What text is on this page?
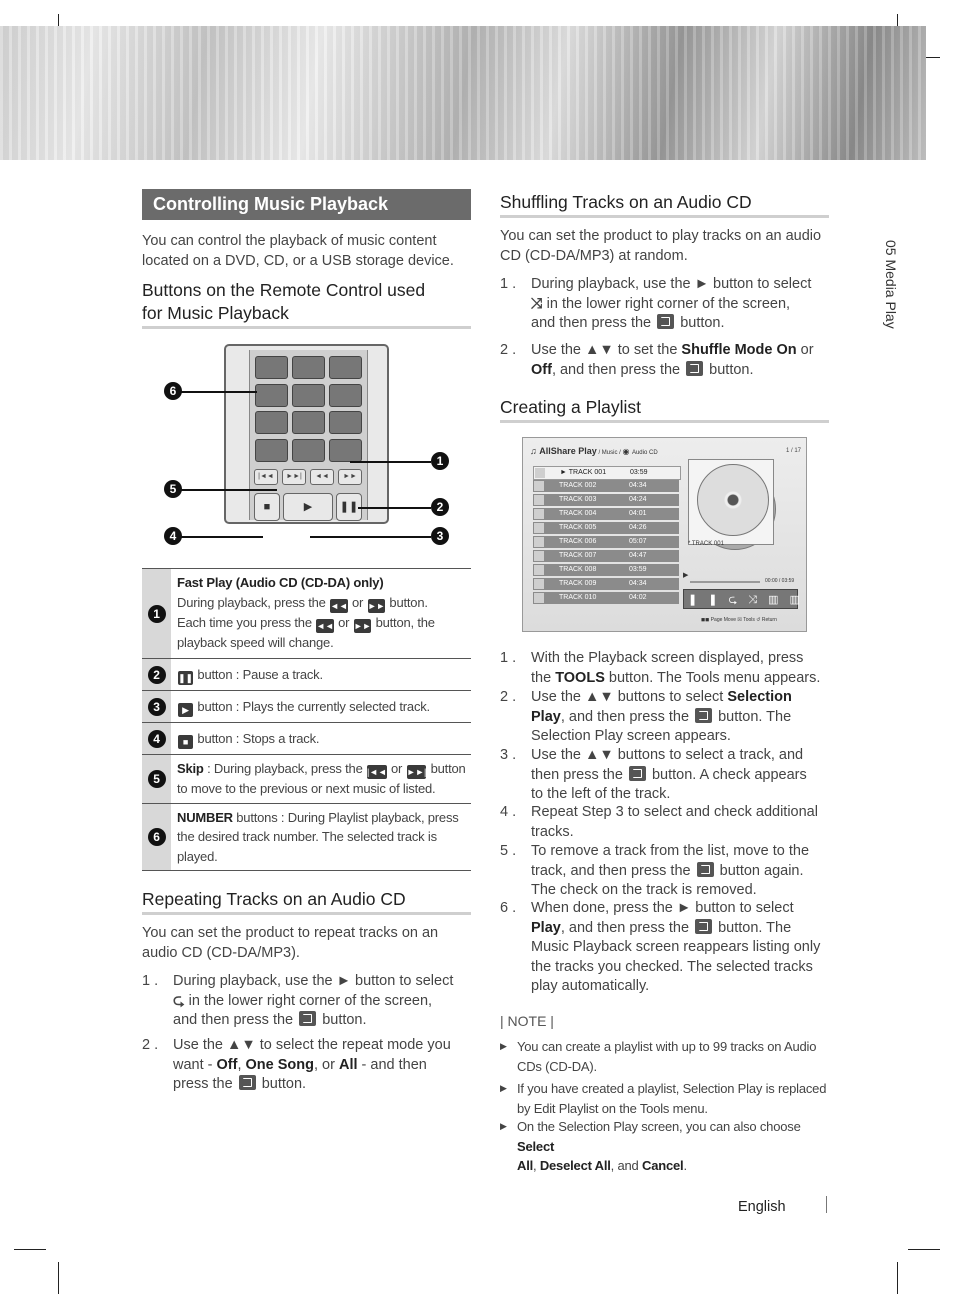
05 Media Play
Controlling Music Playback
You can control the playback of music content located on a DVD, CD, or a USB storage device.
Buttons on the Remote Control used
for Music Playback
|◄◄	►►|	◄◄	►►
■	▶	❚❚
6
5
4
1
2
3
1	Fast Play (Audio CD (CD-DA) only)
During playback, press the ◄◄ or ►► button.
Each time you press the ◄◄ or ►► button, the
playback speed will change.

2	❚❚ button : Pause a track.
3	▶ button : Plays the currently selected track.
4	■ button : Stops a track.
5	Skip : During playback, press the |◄◄ or ►►| button
to move to the previous or next music of listed.

6	NUMBER buttons : During Playlist playback, press
the desired track number. The selected track is
played.
Repeating Tracks on an Audio CD
You can set the product to repeat tracks on an audio CD (CD-DA/MP3).
1 . During playback, use the ► button to select
⮎ in the lower right corner of the screen,
and then press the button.
2 . Use the ▲▼ to select the repeat mode you
want - Off, One Song, or All - and then
press the button.
Shuffling Tracks on an Audio CD
You can set the product to play tracks on an audio CD (CD-DA/MP3) at random.
1 . During playback, use the ► button to select
⤨ in the lower right corner of the screen,
and then press the button.
2 . Use the ▲▼ to set the Shuffle Mode On or
Off, and then press the button.
Creating a Playlist
♫ AllShare Play / Music / ◉ Audio CD	1 / 17
► TRACK 001	03:59
TRACK 002	04:34
TRACK 003	04:24
TRACK 004	04:01
TRACK 005	04:26
TRACK 006	05:07
TRACK 007	04:47
TRACK 008	03:59
TRACK 009	04:34
TRACK 010	04:02
* TRACK 001
▶
00:00 / 03:59
❚❚⮎⤨▥▥
◼◼ Page Move ☒ Tools ↺ Return
1 . With the Playback screen displayed, press
the TOOLS button. The Tools menu appears.
2 . Use the ▲▼ buttons to select Selection
Play, and then press the button. The
Selection Play screen appears.
3 . Use the ▲▼ buttons to select a track, and
then press the button. A check appears
to the left of the track.
4 . Repeat Step 3 to select and check additional
tracks.
5 . To remove a track from the list, move to the
track, and then press the button again.
The check on the track is removed.
6 . When done, press the ► button to select
Play, and then press the button. The
Music Playback screen reappears listing only
the tracks you checked. The selected tracks
play automatically.
| NOTE |
▶ You can create a playlist with up to 99 tracks on Audio
CDs (CD-DA).
▶ If you have created a playlist, Selection Play is replaced
by Edit Playlist on the Tools menu.
▶ On the Selection Play screen, you can also choose Select
All, Deselect All, and Cancel.
English
